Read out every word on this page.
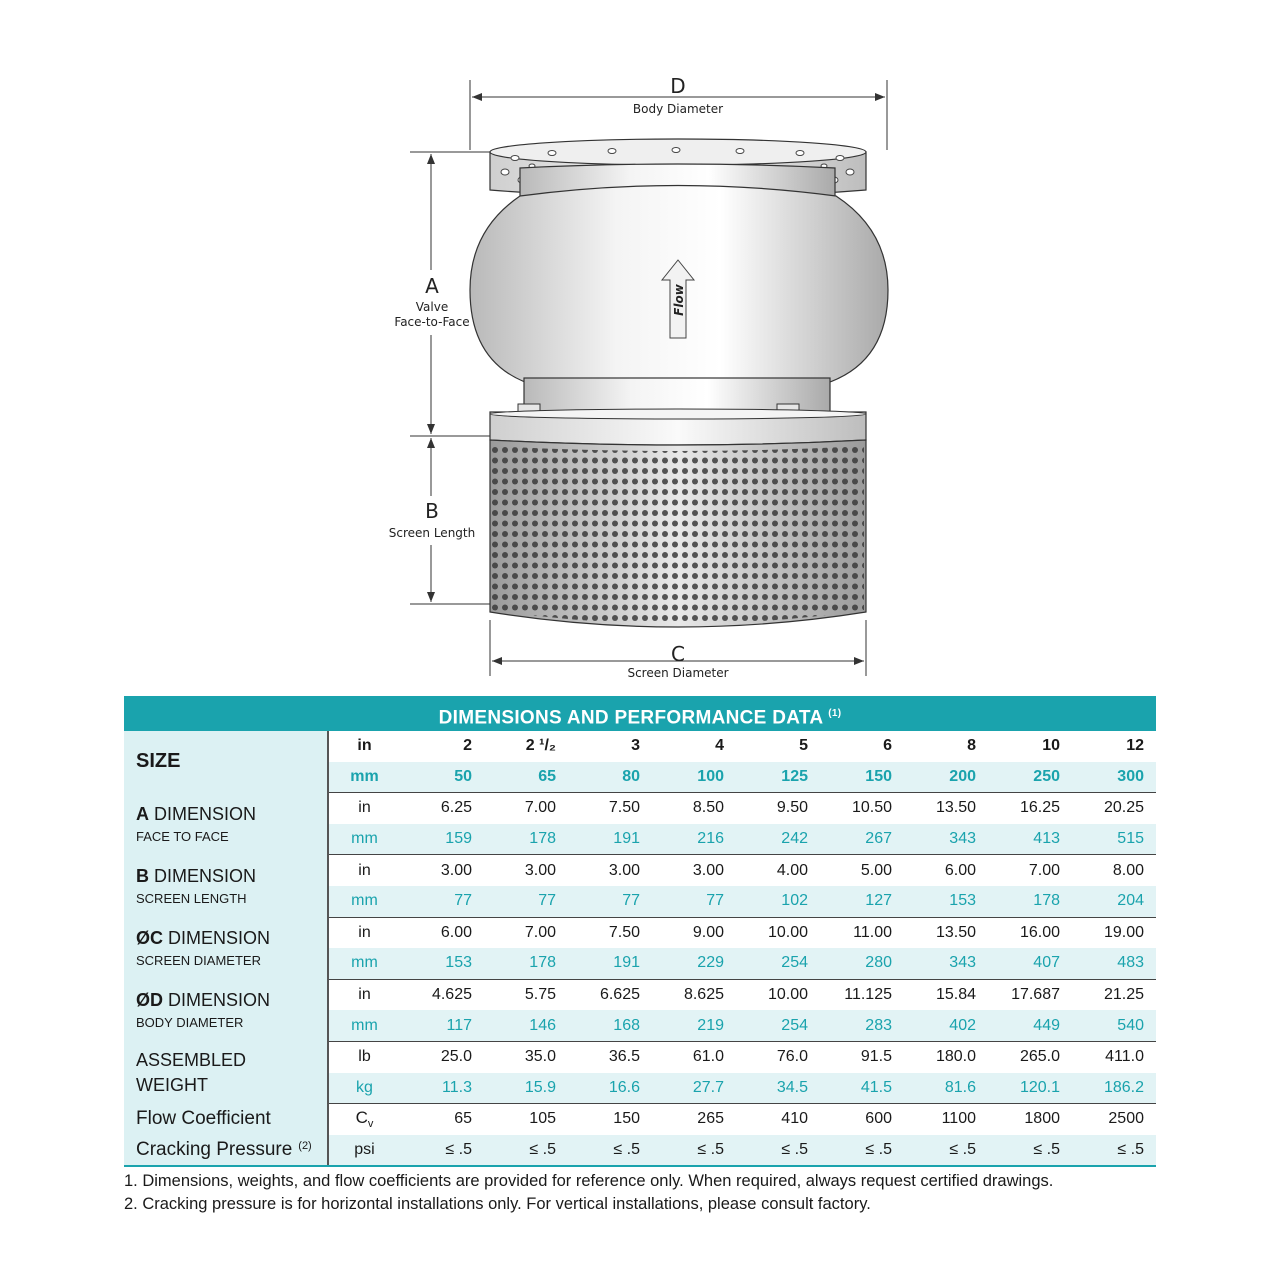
D
Body Diameter
A
Valve
Face-to-Face
B
Screen Length
C
Screen Diameter
Flow
DIMENSIONS AND PERFORMANCE DATA $^{(1)}$
SIZE	in	2	2 ¹/₂	3	4	5	6	8	10	12
	mm	50	65	80	100	125	150	200	250	300

A DIMENSION
FACE TO FACE	in	6.25	7.00	7.50	8.50	9.50	10.50	13.50	16.25	20.25
	mm	159	178	191	216	242	267	343	413	515

B DIMENSION
SCREEN LENGTH	in	3.00	3.00	3.00	3.00	4.00	5.00	6.00	7.00	8.00
	mm	77	77	77	77	102	127	153	178	204

ØC DIMENSION
SCREEN DIAMETER	in	6.00	7.00	7.50	9.00	10.00	11.00	13.50	16.00	19.00
	mm	153	178	191	229	254	280	343	407	483

ØD DIMENSION
BODY DIAMETER	in	4.625	5.75	6.625	8.625	10.00	11.125	15.84	17.687	21.25
	mm	117	146	168	219	254	283	402	449	540

ASSEMBLED
WEIGHT	lb	25.0	35.0	36.5	61.0	76.0	91.5	180.0	265.0	411.0
	kg	11.3	15.9	16.6	27.7	34.5	41.5	81.6	120.1	186.2
Flow Coefficient	$C_v$	65	105	150	265	410	600	1100	1800	2500
Cracking Pressure $^{(2)}$	psi	≤ .5	≤ .5	≤ .5	≤ .5	≤ .5	≤ .5	≤ .5	≤ .5	≤ .5
1. Dimensions, weights, and flow coefficients are provided for reference only. When required, always request certified drawings.
2. Cracking pressure is for horizontal installations only. For vertical installations, please consult factory.
